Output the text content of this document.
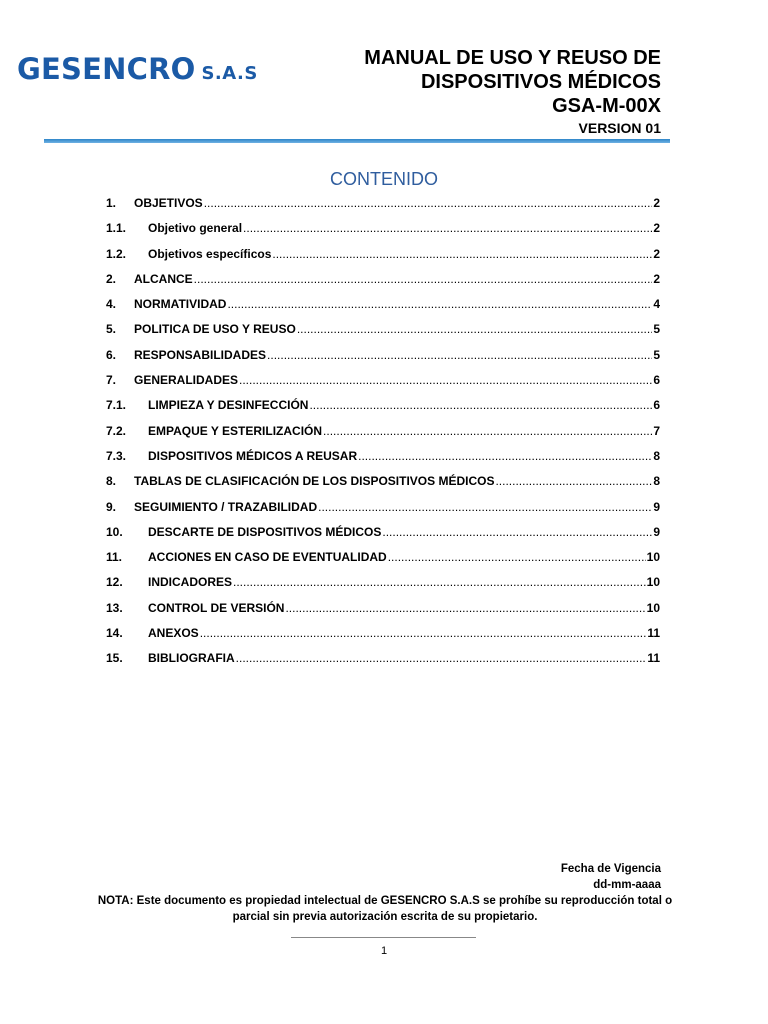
GESENCRO S.A.S
MANUAL DE USO Y REUSO DE
DISPOSITIVOS MÉDICOS
GSA-M-00X
VERSION 01
CONTENIDO
1. OBJETIVOS .....	2
1.1. Objetivo general .....	2
1.2. Objetivos específicos .....	2
2. ALCANCE .....	2
4. NORMATIVIDAD .....	4
5. POLITICA DE USO Y REUSO .....	5
6. RESPONSABILIDADES .....	5
7. GENERALIDADES .....	6
7.1. LIMPIEZA Y DESINFECCIÓN .....	6
7.2. EMPAQUE Y ESTERILIZACIÓN .....	7
7.3. DISPOSITIVOS MÉDICOS A REUSAR .....	8
8. TABLAS DE CLASIFICACIÓN DE LOS DISPOSITIVOS MÉDICOS .....	8
9. SEGUIMIENTO / TRAZABILIDAD .....	9
10. DESCARTE DE DISPOSITIVOS MÉDICOS .....	9
11. ACCIONES EN CASO DE EVENTUALIDAD .....	10
12. INDICADORES .....	10
13. CONTROL DE VERSIÓN .....	10
14. ANEXOS .....	11
15. BIBLIOGRAFIA .....	11
Fecha de Vigencia
dd-mm-aaaa
NOTA: Este documento es propiedad intelectual de GESENCRO S.A.S se prohíbe su reproducción total o
parcial sin previa autorización escrita de su propietario.
1
